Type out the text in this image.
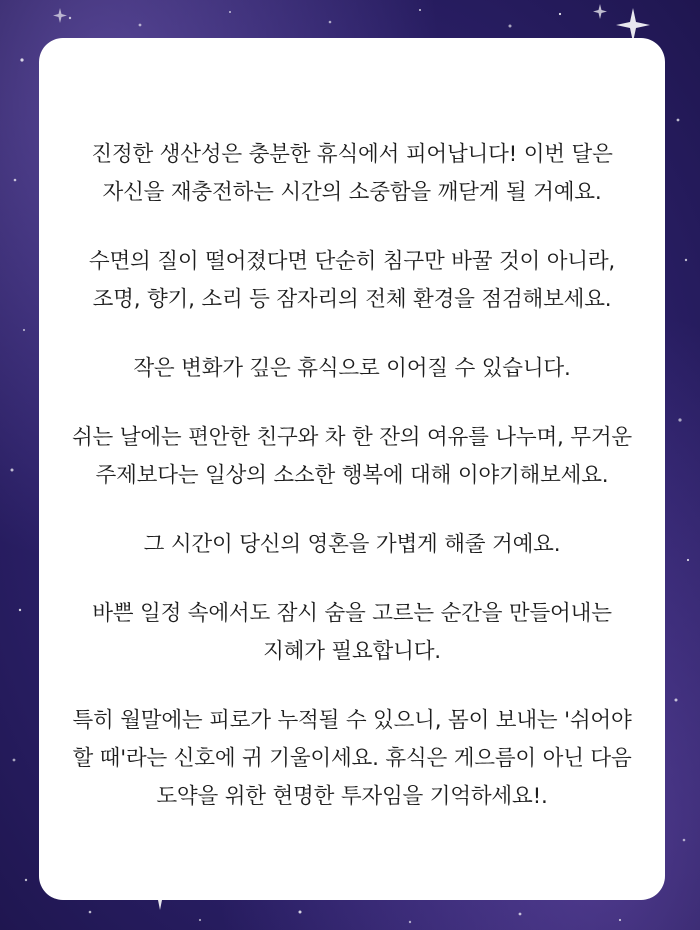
진정한 생산성은 충분한 휴식에서 피어납니다! 이번 달은
자신을 재충전하는 시간의 소중함을 깨닫게 될 거예요.

수면의 질이 떨어졌다면 단순히 침구만 바꿀 것이 아니라,
조명, 향기, 소리 등 잠자리의 전체 환경을 점검해보세요.

작은 변화가 깊은 휴식으로 이어질 수 있습니다.

쉬는 날에는 편안한 친구와 차 한 잔의 여유를 나누며, 무거운
주제보다는 일상의 소소한 행복에 대해 이야기해보세요.

그 시간이 당신의 영혼을 가볍게 해줄 거예요.

바쁜 일정 속에서도 잠시 숨을 고르는 순간을 만들어내는
지혜가 필요합니다.

특히 월말에는 피로가 누적될 수 있으니, 몸이 보내는 '쉬어야
할 때'라는 신호에 귀 기울이세요. 휴식은 게으름이 아닌 다음
도약을 위한 현명한 투자임을 기억하세요!.
